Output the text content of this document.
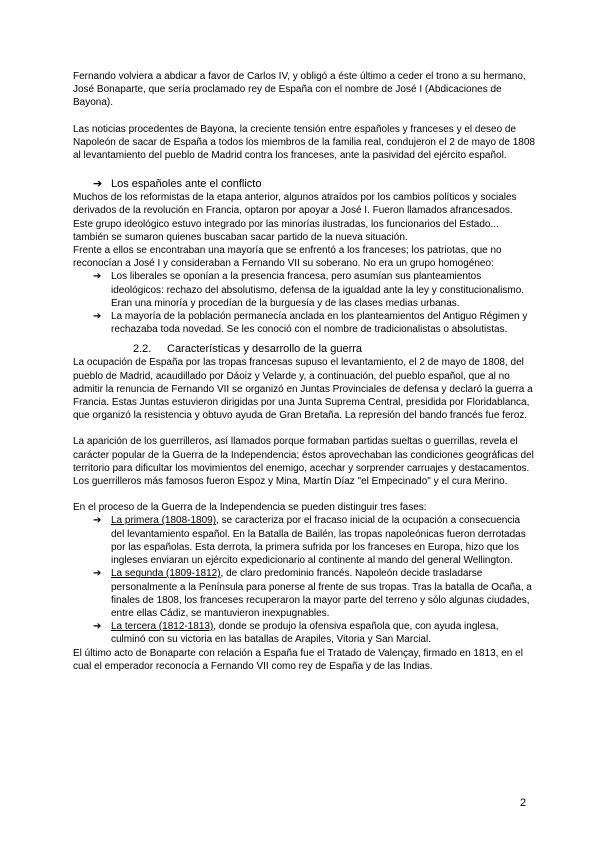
Fernando volviera a abdicar a favor de Carlos IV, y obligó a éste último a ceder el trono a su hermano, José Bonaparte, que sería proclamado rey de España con el nombre de José I (Abdicaciones de Bayona).

Las noticias procedentes de Bayona, la creciente tensión entre españoles y franceses y el deseo de Napoleón de sacar de España a todos los miembros de la familia real, condujeron el 2 de mayo de 1808 al levantamiento del pueblo de Madrid contra los franceses, ante la pasividad del ejército español.

➔ Los españoles ante el conflicto

Muchos de los reformistas de la etapa anterior, algunos atraídos por los cambios políticos y sociales derivados de la revolución en Francia, optaron por apoyar a José I. Fueron llamados afrancesados. Este grupo ideológico estuvo integrado por las minorías ilustradas, los funcionarios del Estado... también se sumaron quienes buscaban sacar partido de la nueva situación.

Frente a ellos se encontraban una mayoría que se enfrentó a los franceses; los patriotas, que no reconocían a José I y consideraban a Fernando VII su soberano. No era un grupo homogéneo:

➔ Los liberales se oponían a la presencia francesa, pero asumían sus planteamientos ideológicos: rechazo del absolutismo, defensa de la igualdad ante la ley y constitucionalismo. Eran una minoría y procedían de la burguesía y de las clases medias urbanas.
➔ La mayoría de la población permanecía anclada en los planteamientos del Antiguo Régimen y rechazaba toda novedad. Se les conoció con el nombre de tradicionalistas o absolutistas.
2.2. Características y desarrollo de la guerra

La ocupación de España por las tropas francesas supuso el levantamiento, el 2 de mayo de 1808, del pueblo de Madrid, acaudillado por Dáoiz y Velarde y, a continuación, del pueblo español, que al no admitir la renuncia de Fernando VII se organizó en Juntas Provinciales de defensa y declaró la guerra a Francia. Estas Juntas estuvieron dirigidas por una Junta Suprema Central, presidida por Floridablanca, que organizó la resistencia y obtuvo ayuda de Gran Bretaña. La represión del bando francés fue feroz.

La aparición de los guerrilleros, así llamados porque formaban partidas sueltas o guerrillas, revela el carácter popular de la Guerra de la Independencia; éstos aprovechaban las condiciones geográficas del territorio para dificultar los movimientos del enemigo, acechar y sorprender carruajes y destacamentos. Los guerrilleros más famosos fueron Espoz y Mina, Martín Díaz "el Empecinado" y el cura Merino.

En el proceso de la Guerra de la Independencia se pueden distinguir tres fases:

➔ La primera (1808-1809), se caracteriza por el fracaso inicial de la ocupación a consecuencia del levantamiento español. En la Batalla de Bailén, las tropas napoleónicas fueron derrotadas por las españolas. Esta derrota, la primera sufrida por los franceses en Europa, hizo que los ingleses enviaran un ejército expedicionario al continente al mando del general Wellington.
➔ La segunda (1809-1812), de claro predominio francés. Napoleón decide trasladarse personalmente a la Península para ponerse al frente de sus tropas. Tras la batalla de Ocaña, a finales de 1808, los franceses recuperaron la mayor parte del terreno y sólo algunas ciudades, entre ellas Cádiz, se mantuvieron inexpugnables.
➔ La tercera (1812-1813), donde se produjo la ofensiva española que, con ayuda inglesa, culminó con su victoria en las batallas de Arapiles, Vitoria y San Marcial.

El último acto de Bonaparte con relación a España fue el Tratado de Valençay, firmado en 1813, en el cual el emperador reconocía a Fernando VII como rey de España y de las Indias.

2
